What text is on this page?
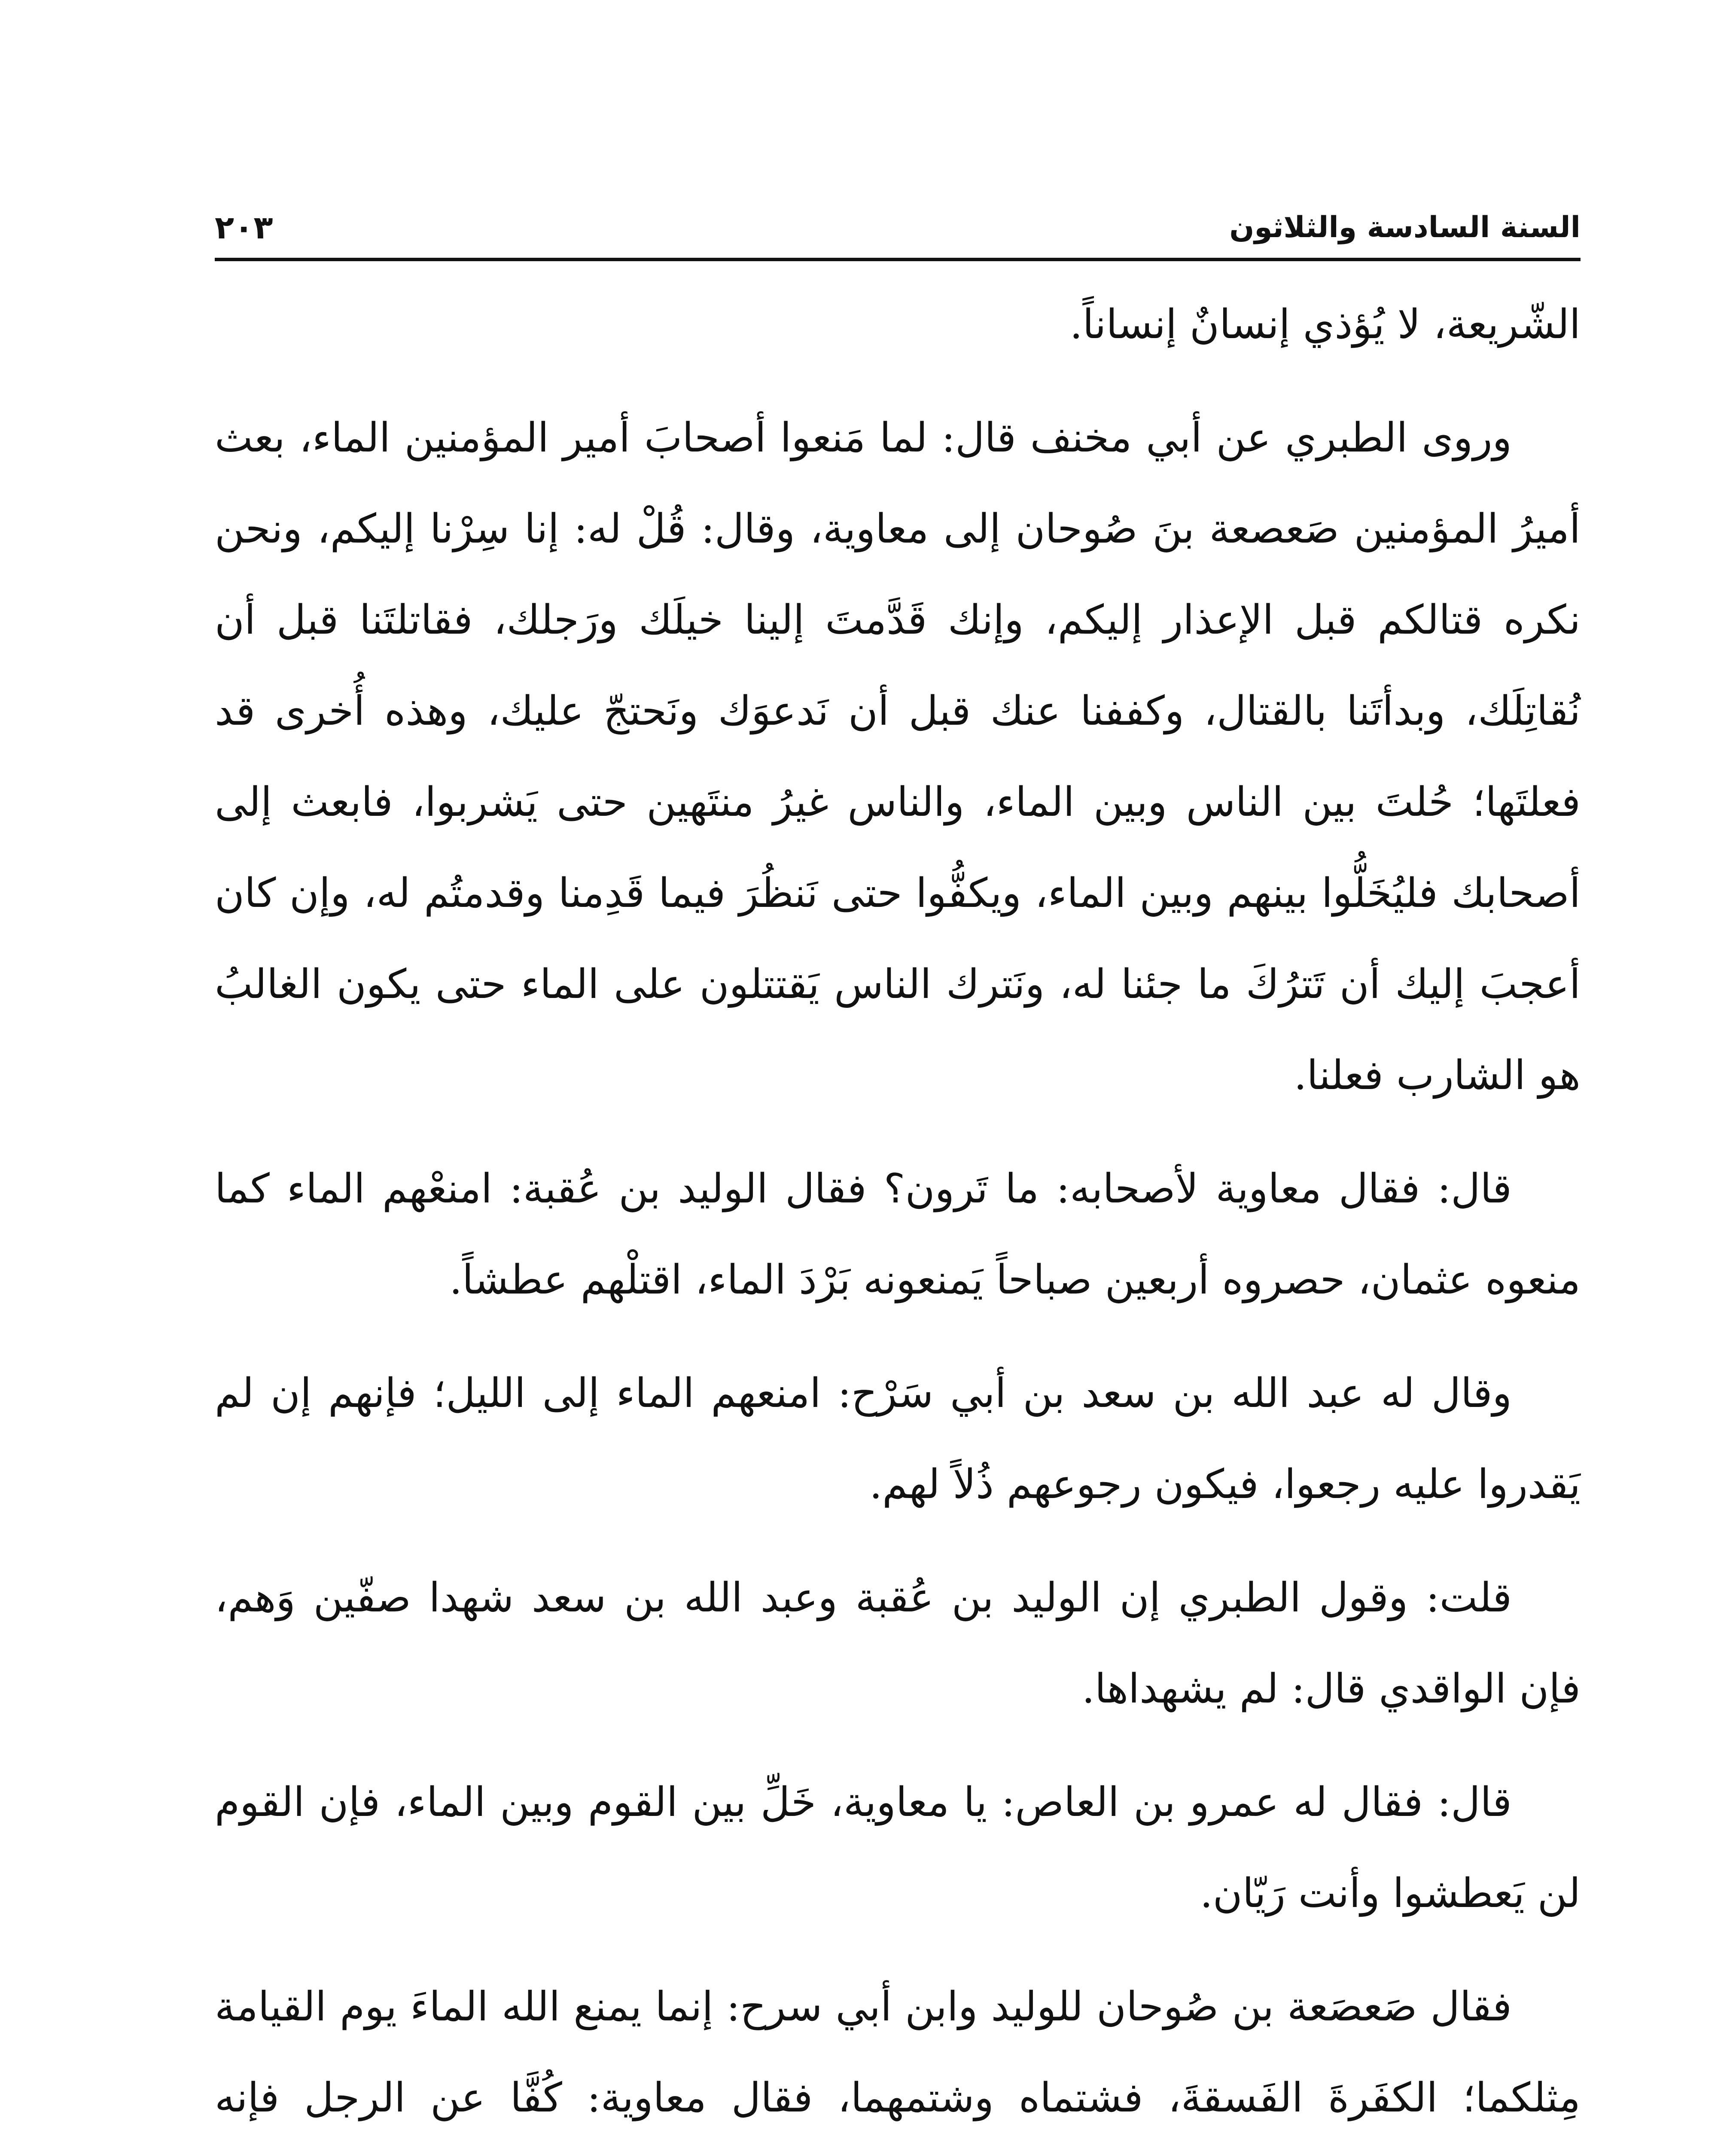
السنة السادسة والثلاثون
٢٠٣

الشّريعة، لا يُؤذي إنسانٌ إنساناً.

وروى الطبري عن أبي مخنف قال: لما مَنعوا أصحابَ أمير المؤمنين الماء، بعث أميرُ المؤمنين صَعصعة بنَ صُوحان إلى معاوية، وقال: قُلْ له: إنا سِرْنا إليكم، ونحن نكره قتالكم قبل الإعذار إليكم، وإنك قَدَّمتَ إلينا خيلَك ورَجلك، فقاتلتَنا قبل أن نُقاتِلَك، وبدأتَنا بالقتال، وكففنا عنك قبل أن نَدعوَك ونَحتجّ عليك، وهذه أُخرى قد فعلتَها؛ حُلتَ بين الناس وبين الماء، والناس غيرُ منتَهين حتى يَشربوا، فابعث إلى أصحابك فليُخَلُّوا بينهم وبين الماء، ويكفُّوا حتى نَنظُرَ فيما قَدِمنا وقدمتُم له، وإن كان أعجبَ إليك أن تَترُكَ ما جئنا له، ونَترك الناس يَقتتلون على الماء حتى يكون الغالبُ هو الشارب فعلنا.

قال: فقال معاوية لأصحابه: ما تَرون؟ فقال الوليد بن عُقبة: امنعْهم الماء كما منعوه عثمان، حصروه أربعين صباحاً يَمنعونه بَرْدَ الماء، اقتلْهم عطشاً.

وقال له عبد الله بن سعد بن أبي سَرْح: امنعهم الماء إلى الليل؛ فإنهم إن لم يَقدروا عليه رجعوا، فيكون رجوعهم ذُلاً لهم.

قلت: وقول الطبري إن الوليد بن عُقبة وعبد الله بن سعد شهدا صفّين وَهم، فإن الواقدي قال: لم يشهداها.

قال: فقال له عمرو بن العاص: يا معاوية، خَلِّ بين القوم وبين الماء، فإن القوم لن يَعطشوا وأنت رَيّان.

فقال صَعصَعة بن صُوحان للوليد وابن أبي سرح: إنما يمنع الله الماءَ يوم القيامة مِثلكما؛ الكفَرةَ الفَسقةَ، فشتماه وشتمهما، فقال معاوية: كُفَّا عن الرجل فإنه
